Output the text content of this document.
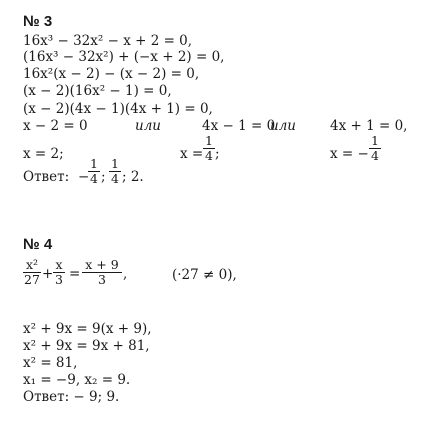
№ 3
16x³ − 32x² − x + 2 = 0,
(16x³ − 32x²) + (−x + 2) = 0,
16x²(x − 2) − (x − 2) = 0,
(x − 2)(16x² − 1) = 0,
(x − 2)(4x − 1)(4x + 1) = 0,
x − 2 = 0	или	4x − 1 = 0
или	4x + 1 = 0,
x = 2;	x =
1
4 ;	x = −
1
4
Ответ: −
1
4 ;
1
4 ; 2.
№ 4
x²
27 +
x
3 =
x + 9
3	,	(·27 ≠ 0),
x² + 9x = 9(x + 9),
x² + 9x = 9x + 81,
x² = 81,
x₁ = −9, x₂ = 9.
Ответ: − 9; 9.
